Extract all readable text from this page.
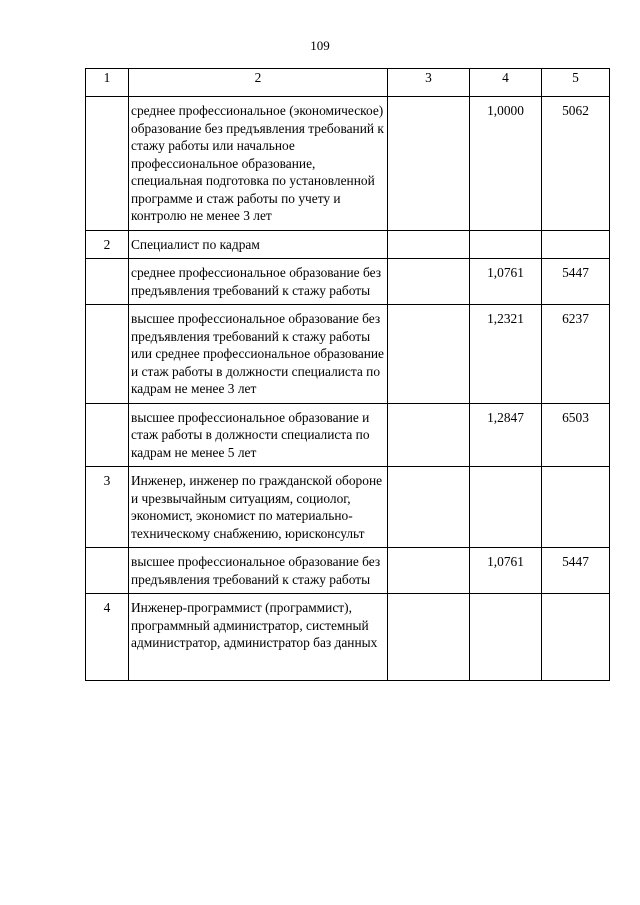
109
1	2	3	4	5
	среднее профессиональное (экономическое) образование без предъявления требований к стажу работы или начальное профессиональное образование, специальная подготовка по установленной программе и стаж работы по учету и контролю не менее 3 лет		1,0000	5062
2	Специалист по кадрам			
	среднее профессиональное образование без предъявления требований к стажу работы		1,0761	5447
	высшее профессиональное образование без предъявления требований к стажу работы или среднее профессиональное образование и стаж работы в должности специалиста по кадрам не менее 3 лет		1,2321	6237
	высшее профессиональное образование и стаж работы в должности специалиста по кадрам не менее 5 лет		1,2847	6503
3	Инженер, инженер по гражданской обороне и чрезвычайным ситуациям, социолог, экономист, экономист по материально-техническому снабжению, юрисконсульт			
	высшее профессиональное образование без предъявления требований к стажу работы		1,0761	5447
4	Инженер-программист (программист), программный администратор, системный администратор, администратор баз данных			
